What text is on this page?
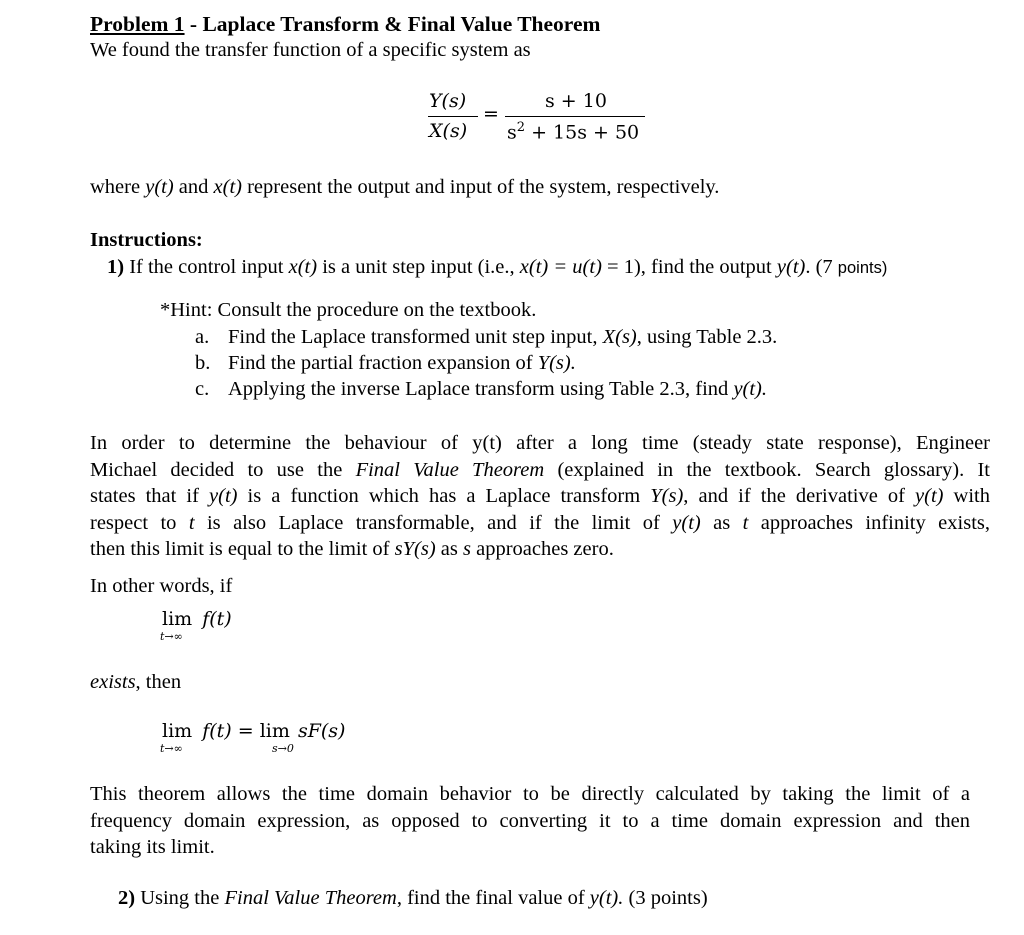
Problem 1 - Laplace Transform & Final Value Theorem
We found the transfer function of a specific system as
Y(s)
X(s)
=
s + 10
$s^2 + 15s + 50$
where y(t) and x(t) represent the output and input of the system, respectively.
Instructions:
1) If the control input x(t) is a unit step input (i.e., x(t) = u(t) = 1), find the output y(t). (7 points)
*Hint: Consult the procedure on the textbook.
a. Find the Laplace transformed unit step input, X(s), using Table 2.3.
b. Find the partial fraction expansion of Y(s).
c. Applying the inverse Laplace transform using Table 2.3, find y(t).
In order to determine the behaviour of y(t) after a long time (steady state response), Engineer
Michael decided to use the Final Value Theorem (explained in the textbook. Search glossary). It
states that if y(t) is a function which has a Laplace transform Y(s), and if the derivative of y(t) with
respect to t is also Laplace transformable, and if the limit of y(t) as t approaches infinity exists,
then this limit is equal to the limit of sY(s) as s approaches zero.
In other words, if
lim f(t)
t→∞
exists, then
lim f(t) = lim sF(s)
t→∞	s→0
This theorem allows the time domain behavior to be directly calculated by taking the limit of a
frequency domain expression, as opposed to converting it to a time domain expression and then
taking its limit.
2) Using the Final Value Theorem, find the final value of y(t). (3 points)
